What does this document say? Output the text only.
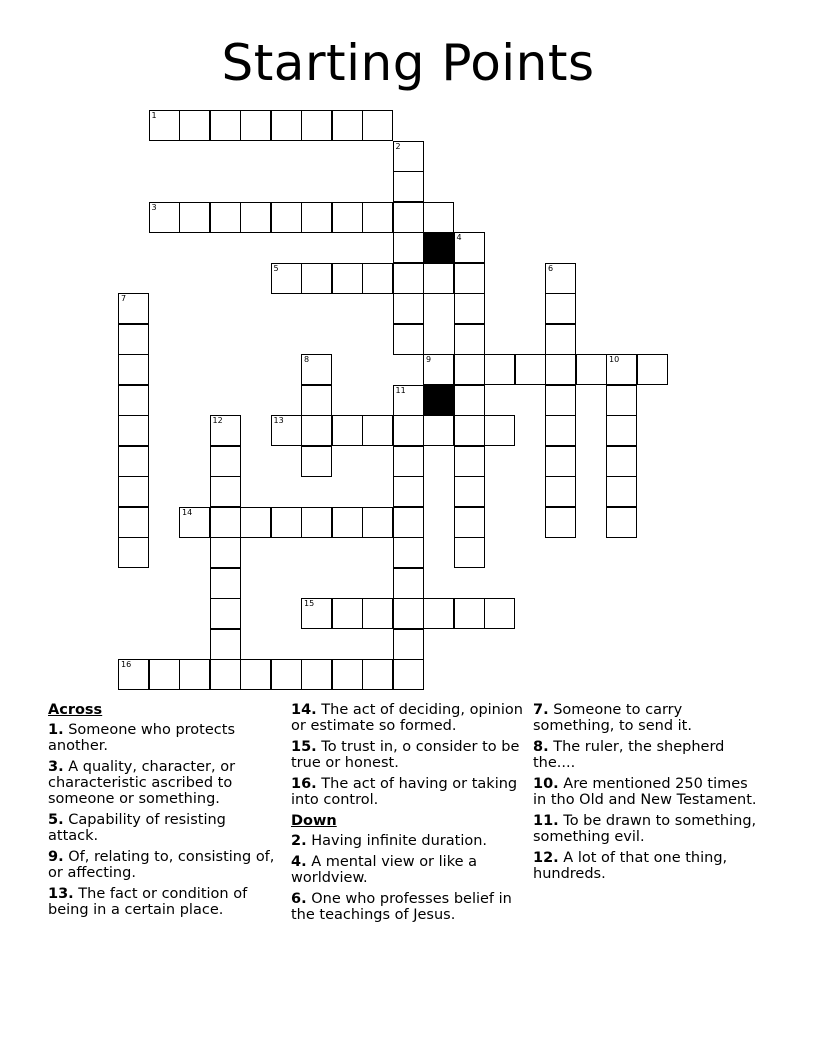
Starting Points
1
2
3
4
5	6
7
8	9	10
11
12	13
14
15
16
Across
1. Someone who protects another.
3. A quality, character, or characteristic ascribed to someone or something.
5. Capability of resisting attack.
9. Of, relating to, consisting of, or affecting.
13. The fact or condition of being in a certain place.
14. The act of deciding, opinion or estimate so formed.
15. To trust in, o consider to be true or honest.
16. The act of having or taking into control.
Down
2. Having infinite duration.
4. A mental view or like a worldview.
6. One who professes belief in the teachings of Jesus.
7. Someone to carry something, to send it.
8. The ruler, the shepherd the....
10. Are mentioned 250 times in tho Old and New Testament.
11. To be drawn to something, something evil.
12. A lot of that one thing, hundreds.
